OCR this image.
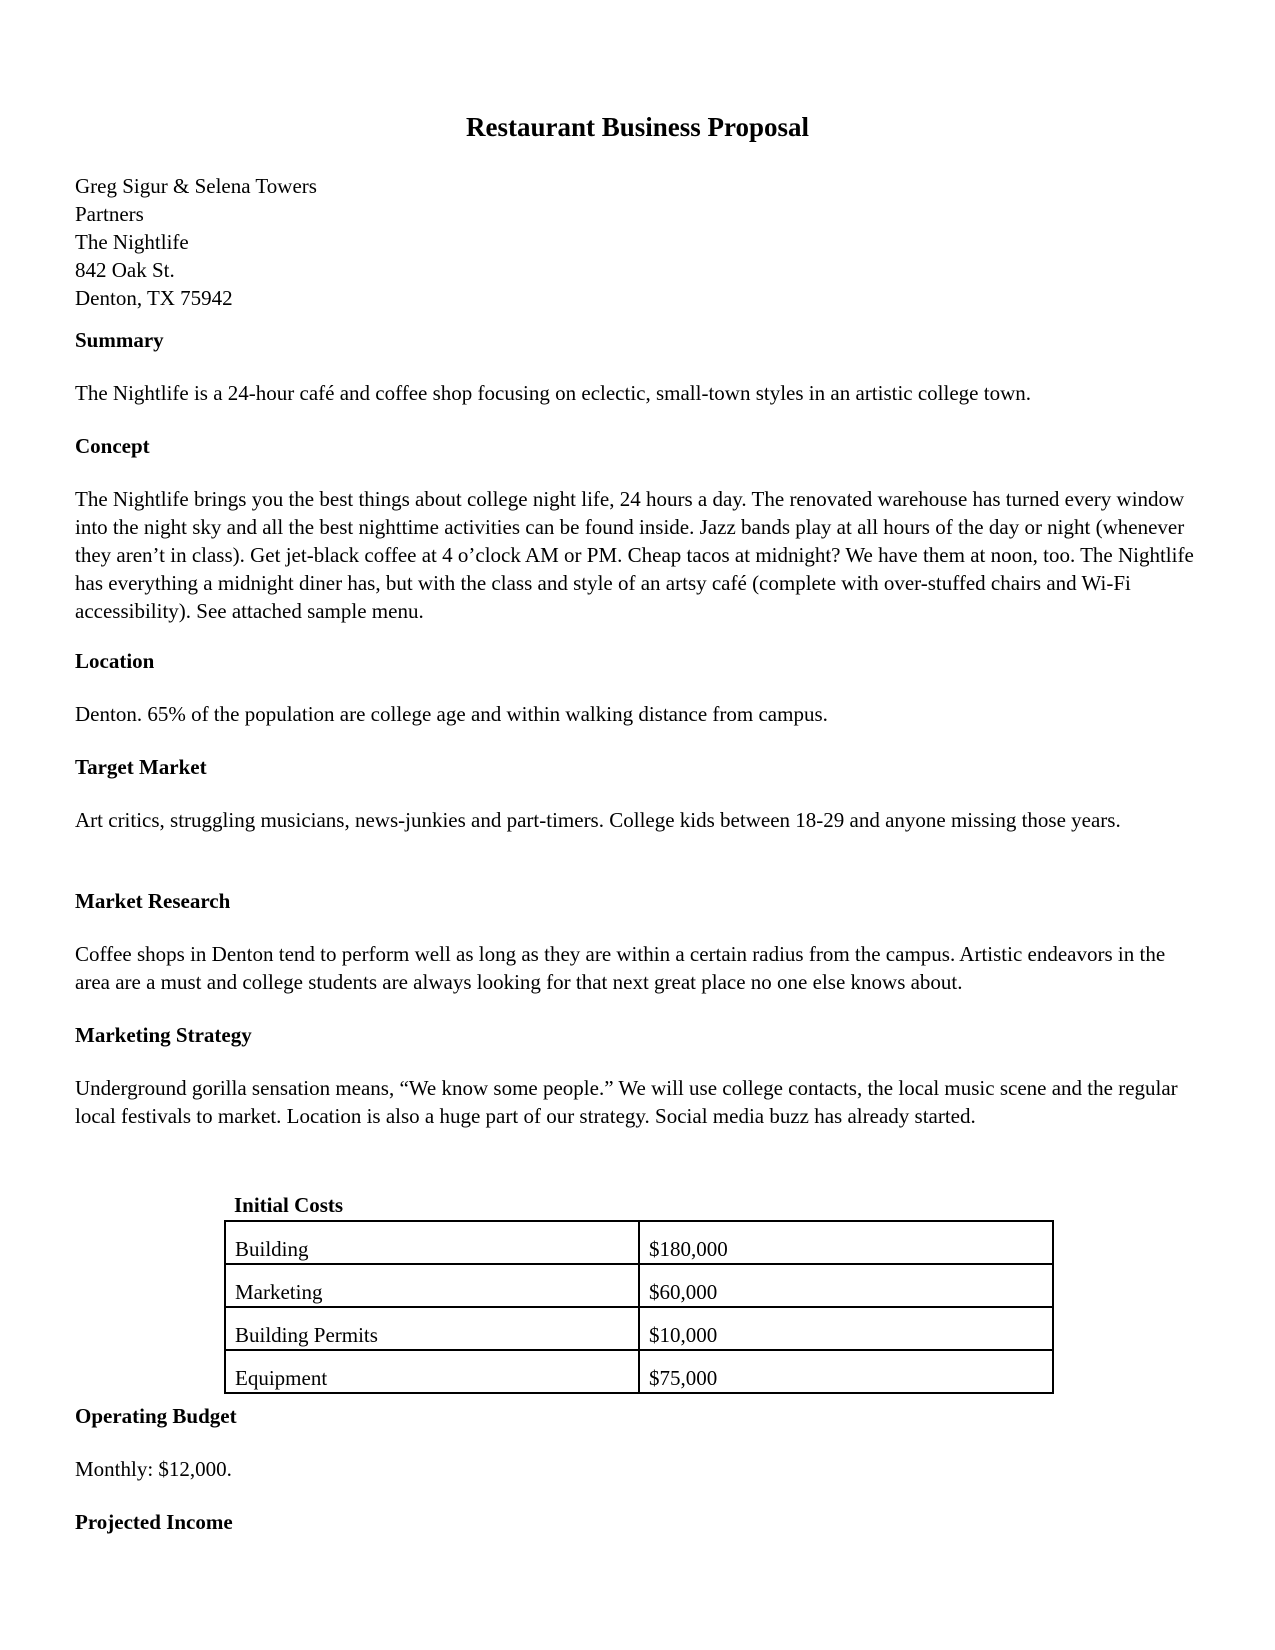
Restaurant Business Proposal
Greg Sigur & Selena Towers
Partners
The Nightlife
842 Oak St.
Denton, TX 75942
Summary
The Nightlife is a 24-hour café and coffee shop focusing on eclectic, small-town styles in an artistic college town.
Concept
The Nightlife brings you the best things about college night life, 24 hours a day. The renovated warehouse has turned every window into the night sky and all the best nighttime activities can be found inside. Jazz bands play at all hours of the day or night (whenever they aren’t in class). Get jet-black coffee at 4 o’clock AM or PM. Cheap tacos at midnight? We have them at noon, too. The Nightlife has everything a midnight diner has, but with the class and style of an artsy café (complete with over-stuffed chairs and Wi-Fi accessibility). See attached sample menu.
Location
Denton. 65% of the population are college age and within walking distance from campus.
Target Market
Art critics, struggling musicians, news-junkies and part-timers. College kids between 18-29 and anyone missing those years.
Market Research
Coffee shops in Denton tend to perform well as long as they are within a certain radius from the campus. Artistic endeavors in the area are a must and college students are always looking for that next great place no one else knows about.
Marketing Strategy
Underground gorilla sensation means, “We know some people.” We will use college contacts, the local music scene and the regular local festivals to market. Location is also a huge part of our strategy. Social media buzz has already started.
Initial Costs
Building	$180,000
Marketing	$60,000
Building Permits	$10,000
Equipment	$75,000
Operating Budget
Monthly: $12,000.
Projected Income
